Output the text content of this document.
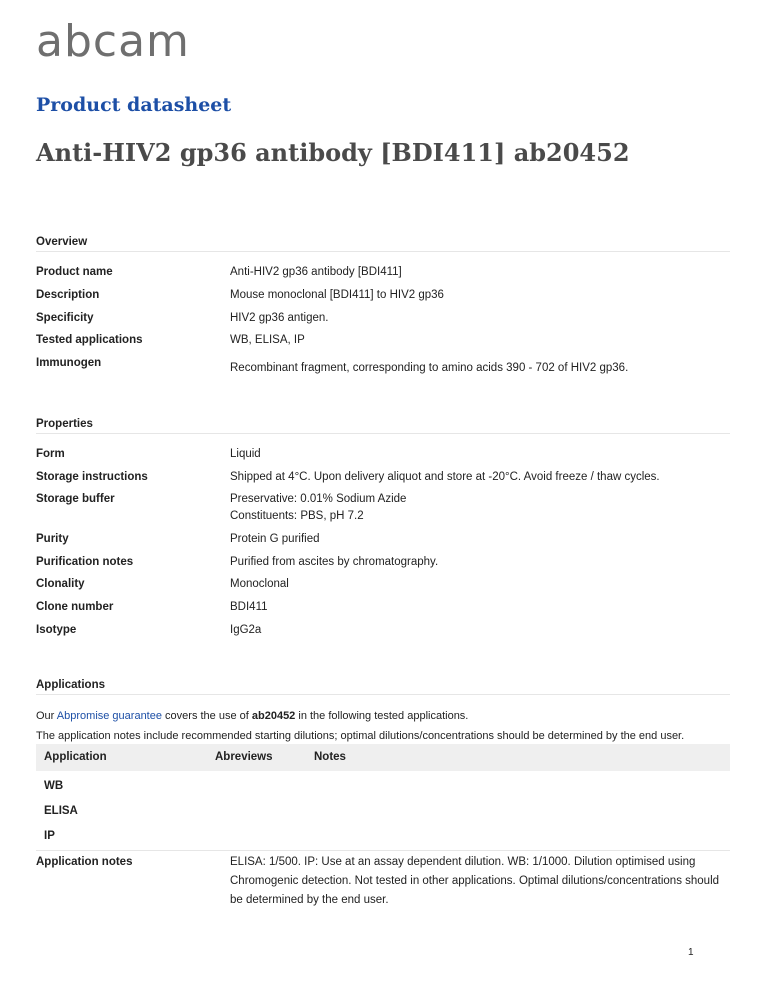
abcam
Product datasheet
Anti-HIV2 gp36 antibody [BDI411] ab20452
Overview
Product name	Anti-HIV2 gp36 antibody [BDI411]
Description	Mouse monoclonal [BDI411] to HIV2 gp36
Specificity	HIV2 gp36 antigen.
Tested applications	WB, ELISA, IP
Immunogen	Recombinant fragment, corresponding to amino acids 390 - 702 of HIV2 gp36.
Properties
Form	Liquid
Storage instructions	Shipped at 4°C. Upon delivery aliquot and store at -20°C. Avoid freeze / thaw cycles.
Storage buffer	Preservative: 0.01% Sodium Azide
Constituents: PBS, pH 7.2
Purity	Protein G purified
Purification notes	Purified from ascites by chromatography.
Clonality	Monoclonal
Clone number	BDI411
Isotype	IgG2a
Applications
Our Abpromise guarantee covers the use of ab20452 in the following tested applications.
The application notes include recommended starting dilutions; optimal dilutions/concentrations should be determined by the end user.
Application	Abreviews	Notes
WB
ELISA
IP
Application notes	ELISA: 1/500. IP: Use at an assay dependent dilution. WB: 1/1000. Dilution optimised using Chromogenic detection. Not tested in other applications. Optimal dilutions/concentrations should be determined by the end user.
1
